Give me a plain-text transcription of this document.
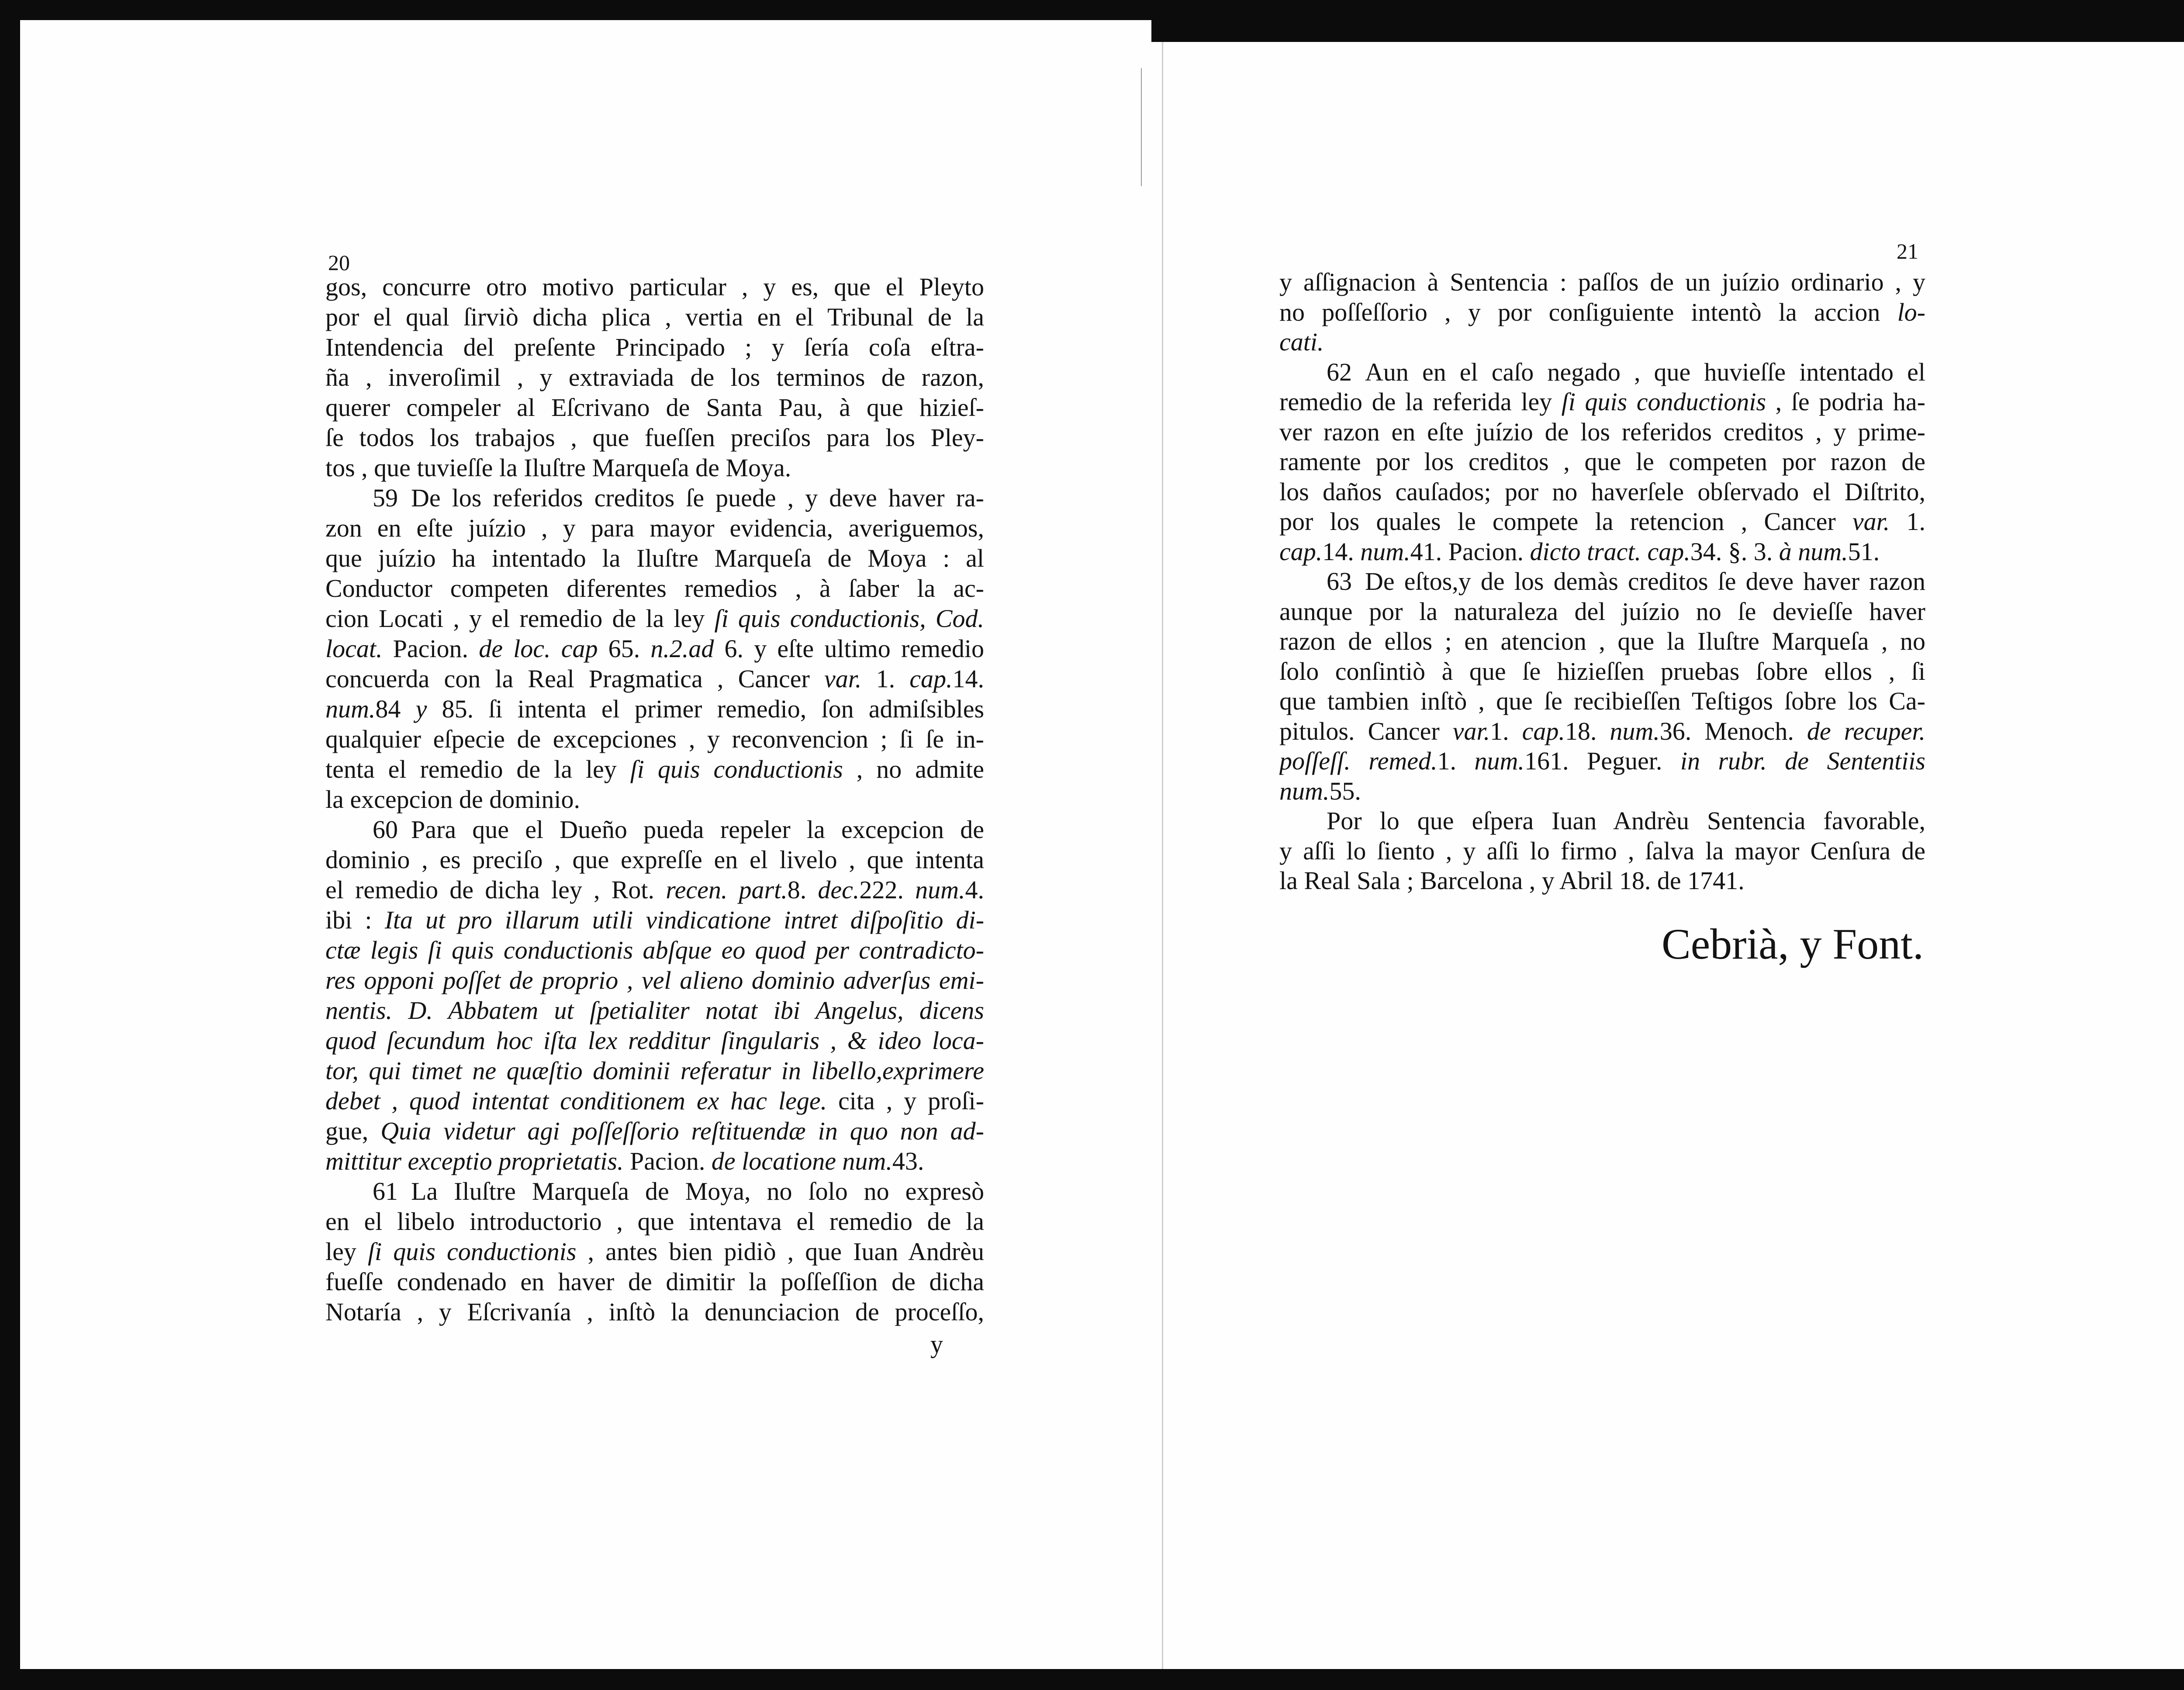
20
gos, concurre otro motivo particular , y es, que el Pleyto
por el qual ſirviò dicha plica , vertia en el Tribunal de la
Intendencia del preſente Principado ; y ſería coſa eſtra-
ña , inveroſimil , y extraviada de los terminos de razon,
querer compeler al Eſcrivano de Santa Pau, à que hizieſ-
ſe todos los trabajos , que fueſſen preciſos para los Pley-
tos , que tuvieſſe la Iluſtre Marqueſa de Moya.
59 De los referidos creditos ſe puede , y deve haver ra-
zon en eſte juízio , y para mayor evidencia, averiguemos,
que juízio ha intentado la Iluſtre Marqueſa de Moya : al
Conductor competen diferentes remedios , à ſaber la ac-
cion Locati , y el remedio de la ley ſi quis conductionis, Cod.
locat. Pacion. de loc. cap 65. n.2.ad 6. y eſte ultimo remedio
concuerda con la Real Pragmatica , Cancer var. 1. cap.14.
num.84 y 85. ſi intenta el primer remedio, ſon admiſsibles
qualquier eſpecie de excepciones , y reconvencion ; ſi ſe in-
tenta el remedio de la ley ſi quis conductionis , no admite
la excepcion de dominio.
60 Para que el Dueño pueda repeler la excepcion de
dominio , es preciſo , que expreſſe en el livelo , que intenta
el remedio de dicha ley , Rot. recen. part.8. dec.222. num.4.
ibi : Ita ut pro illarum utili vindicatione intret diſpoſitio di-
ctæ legis ſi quis conductionis abſque eo quod per contradicto-
res opponi poſſet de proprio , vel alieno dominio adverſus emi-
nentis. D. Abbatem ut ſpetialiter notat ibi Angelus, dicens
quod ſecundum hoc iſta lex redditur ſingularis , & ideo loca-
tor, qui timet ne quæſtio dominii referatur in libello,exprimere
debet , quod intentat conditionem ex hac lege. cita , y proſi-
gue, Quia videtur agi poſſeſſorio reſtituendæ in quo non ad-
mittitur exceptio proprietatis. Pacion. de locatione num.43.
61 La Iluſtre Marqueſa de Moya, no ſolo no expresò
en el libelo introductorio , que intentava el remedio de la
ley ſi quis conductionis , antes bien pidiò , que Iuan Andrèu
fueſſe condenado en haver de dimitir la poſſeſſion de dicha
Notaría , y Eſcrivanía , inſtò la denunciacion de proceſſo,
y
21
y aſſignacion à Sentencia : paſſos de un juízio ordinario , y
no poſſeſſorio , y por conſiguiente intentò la accion lo-
cati.
62 Aun en el caſo negado , que huvieſſe intentado el
remedio de la referida ley ſi quis conductionis , ſe podria ha-
ver razon en eſte juízio de los referidos creditos , y prime-
ramente por los creditos , que le competen por razon de
los daños cauſados; por no haverſele obſervado el Diſtrito,
por los quales le compete la retencion , Cancer var. 1.
cap.14. num.41. Pacion. dicto tract. cap.34. §. 3. à num.51.
63 De eſtos,y de los demàs creditos ſe deve haver razon
aunque por la naturaleza del juízio no ſe devieſſe haver
razon de ellos ; en atencion , que la Iluſtre Marqueſa , no
ſolo conſintiò à que ſe hizieſſen pruebas ſobre ellos , ſi
que tambien inſtò , que ſe recibieſſen Teſtigos ſobre los Ca-
pitulos. Cancer var.1. cap.18. num.36. Menoch. de recuper.
poſſeſſ. remed.1. num.161. Peguer. in rubr. de Sententiis
num.55.
Por lo que eſpera Iuan Andrèu Sentencia favorable,
y aſſi lo ſiento , y aſſi lo firmo , ſalva la mayor Cenſura de
la Real Sala ; Barcelona , y Abril 18. de 1741.
Cebrià, y Font.
